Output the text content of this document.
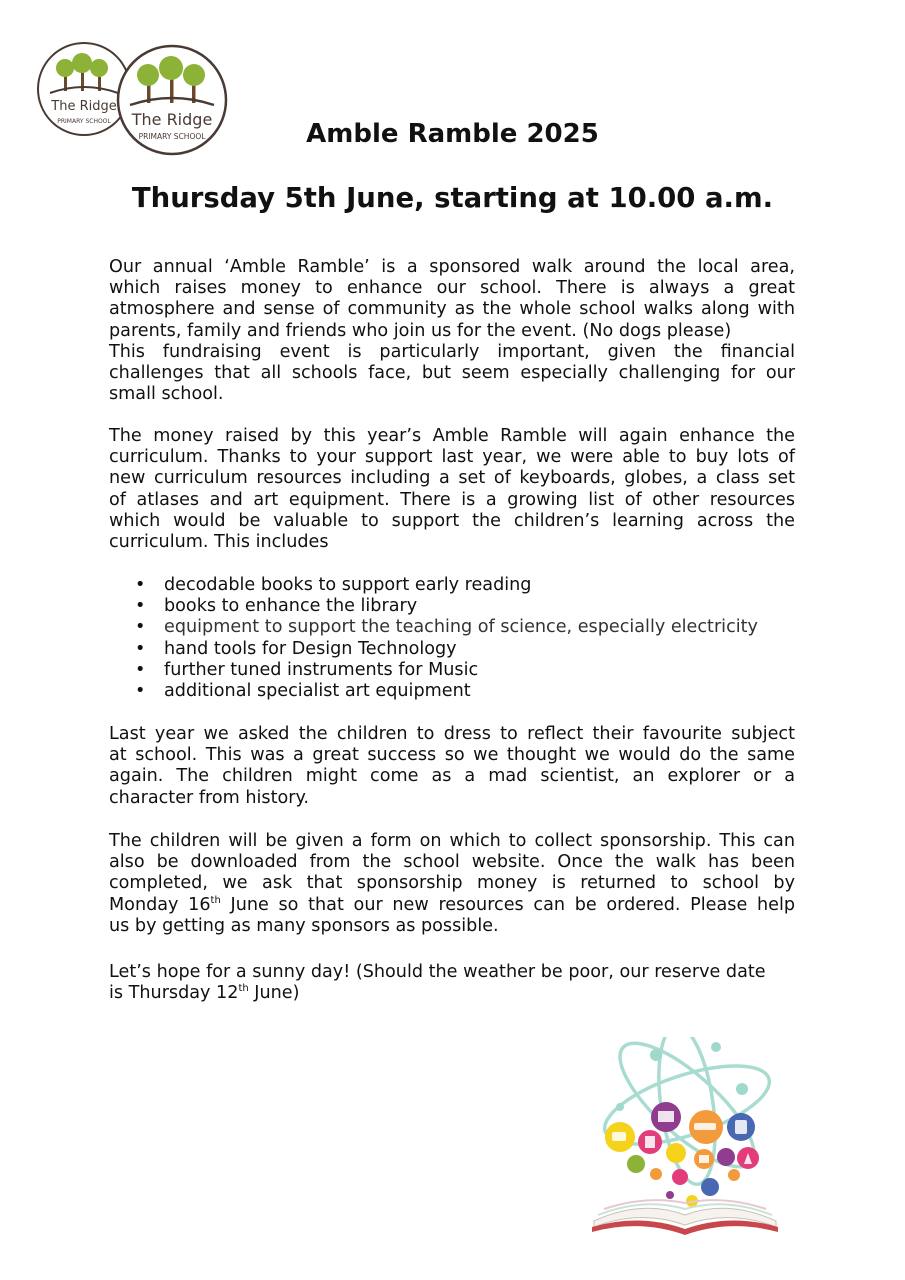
The Ridge
PRIMARY SCHOOL The Ridge
PRIMARY SCHOOL	Amble Ramble 2025
Thursday 5th June, starting at 10.00 a.m.
Our annual ‘Amble Ramble’ is a sponsored walk around the local area,
which raises money to enhance our school. There is always a great
atmosphere and sense of community as the whole school walks along with
parents, family and friends who join us for the event. (No dogs please)
This fundraising event is particularly important, given the financial
challenges that all schools face, but seem especially challenging for our
small school.
The money raised by this year’s Amble Ramble will again enhance the
curriculum. Thanks to your support last year, we were able to buy lots of
new curriculum resources including a set of keyboards, globes, a class set
of atlases and art equipment. There is a growing list of other resources
which would be valuable to support the children’s learning across the
curriculum. This includes
• decodable books to support early reading
• books to enhance the library
• equipment to support the teaching of science, especially electricity
• hand tools for Design Technology
• further tuned instruments for Music
• additional specialist art equipment
Last year we asked the children to dress to reflect their favourite subject
at school. This was a great success so we thought we would do the same
again. The children might come as a mad scientist, an explorer or a
character from history.
The children will be given a form on which to collect sponsorship. This can
also be downloaded from the school website. Once the walk has been
completed, we ask that sponsorship money is returned to school by
Monday 16th June so that our new resources can be ordered. Please help
us by getting as many sponsors as possible.
Let’s hope for a sunny day! (Should the weather be poor, our reserve date
is Thursday 12th June)
